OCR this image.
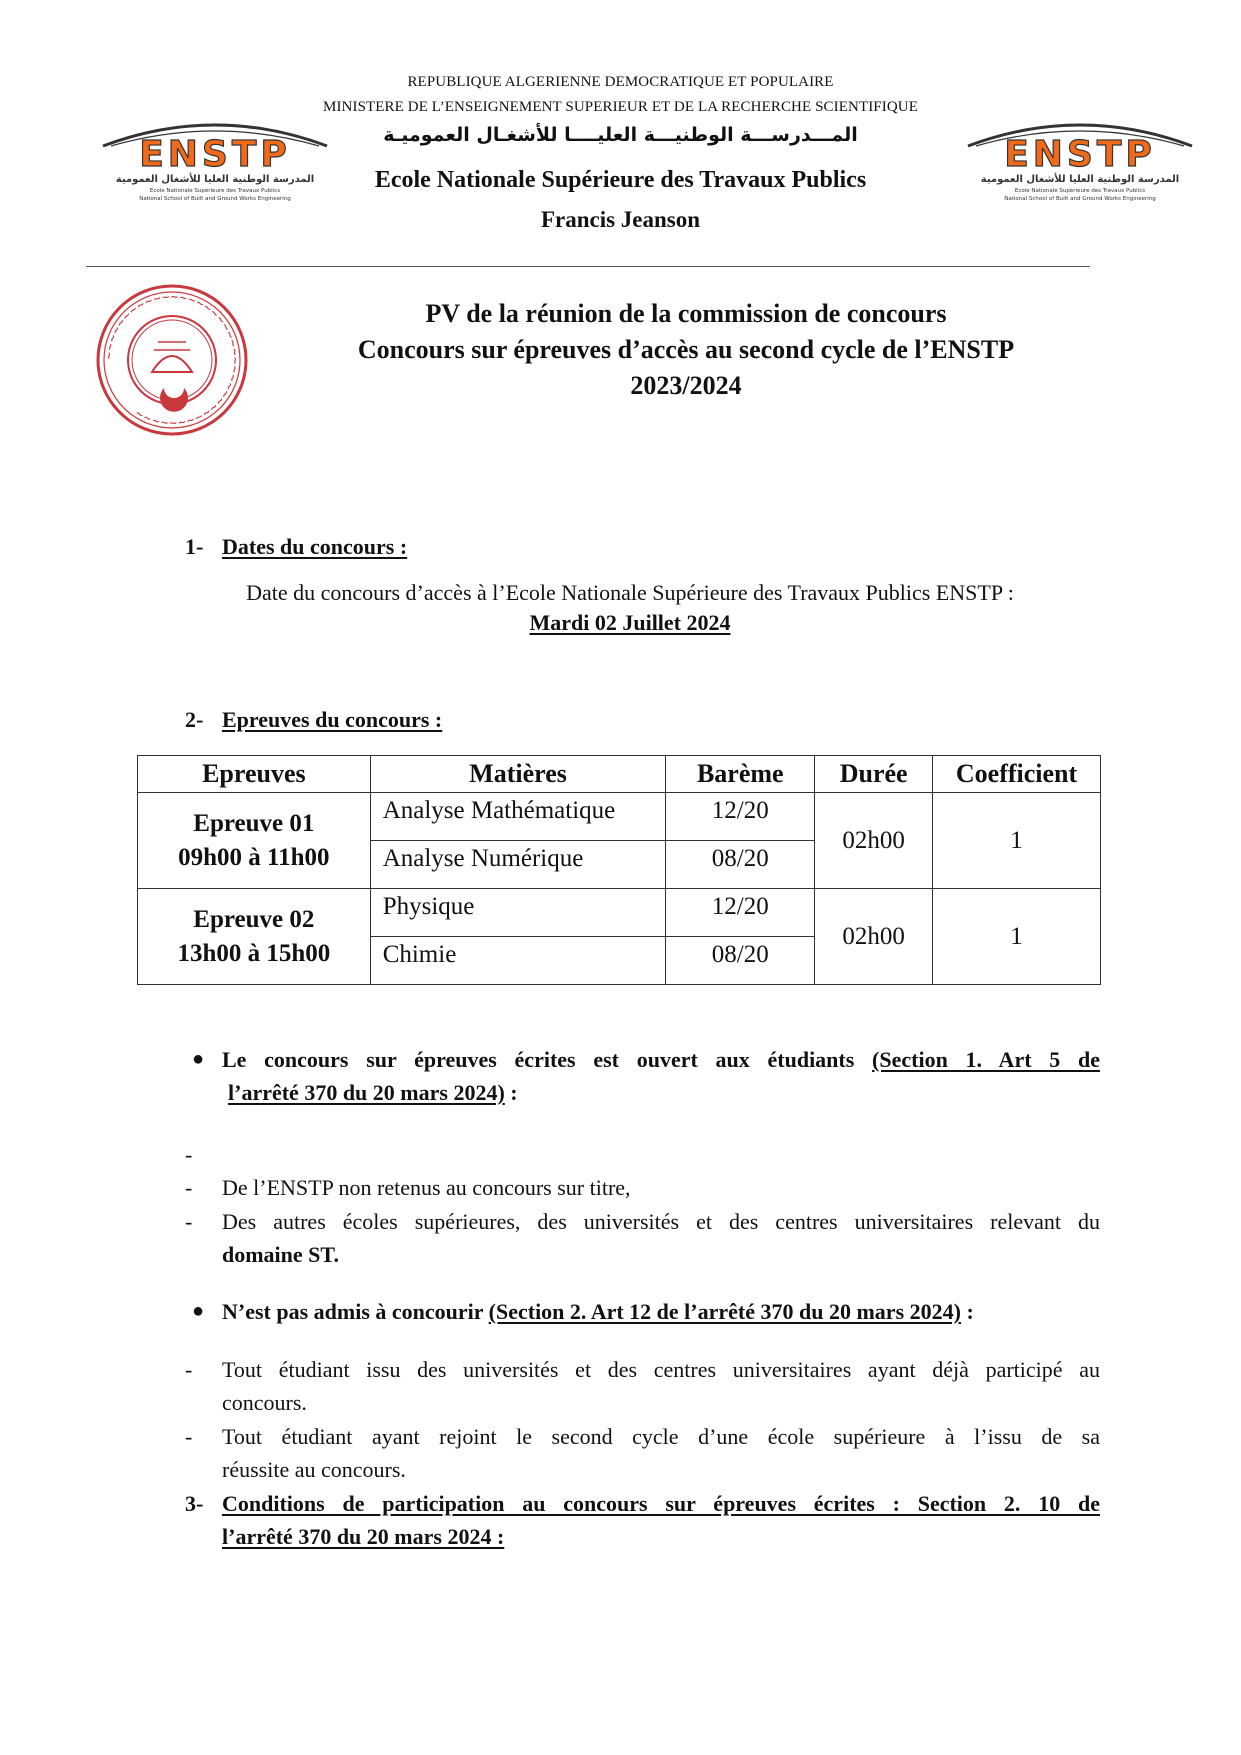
REPUBLIQUE ALGERIENNE DEMOCRATIQUE ET POPULAIRE
MINISTERE DE L’ENSEIGNEMENT SUPERIEUR ET DE LA RECHERCHE SCIENTIFIQUE
المـــدرســـة الوطنيـــة العليــــا للأشغـال العموميـة
Ecole Nationale Supérieure des Travaux Publics
Francis Jeanson
ENSTP
المدرسة الوطنية العليا للأشغال العمومية
Ecole Nationale Supérieure des Travaux Publics
National School of Built and Ground Works Engineering
ENSTP
المدرسة الوطنية العليا للأشغال العمومية
Ecole Nationale Supérieure des Travaux Publics
National School of Built and Ground Works Engineering
~~~~~~~~~~~~~~~~~~~~~~~~~~~~~~~~~~~~~~
PV de la réunion de la commission de concours
Concours sur épreuves d’accès au second cycle de l’ENSTP
2023/2024
1- Dates du concours :
Date du concours d’accès à l’Ecole Nationale Supérieure des Travaux Publics ENSTP :
Mardi 02 Juillet 2024
2- Epreuves du concours :
Epreuves	Matières	Barème	Durée	Coefficient

Epreuve 01
09h00 à 11h00	Analyse Mathématique	12/20	02h00	1
	Analyse Numérique	08/20		

Epreuve 02
13h00 à 15h00	Physique	12/20	02h00	1
	Chimie	08/20		
● Le concours sur épreuves écrites est ouvert aux étudiants (Section 1. Art 5 de
l’arrêté 370 du 20 mars 2024) :
-
- De l’ENSTP non retenus au concours sur titre,
- Des autres écoles supérieures, des universités et des centres universitaires relevant du
domaine ST.
● N’est pas admis à concourir (Section 2. Art 12 de l’arrêté 370 du 20 mars 2024) :
- Tout étudiant issu des universités et des centres universitaires ayant déjà participé au
concours.
- Tout étudiant ayant rejoint le second cycle d’une école supérieure à l’issu de sa
réussite au concours.
3- Conditions de participation au concours sur épreuves écrites : Section 2. 10 de
l’arrêté 370 du 20 mars 2024 :
